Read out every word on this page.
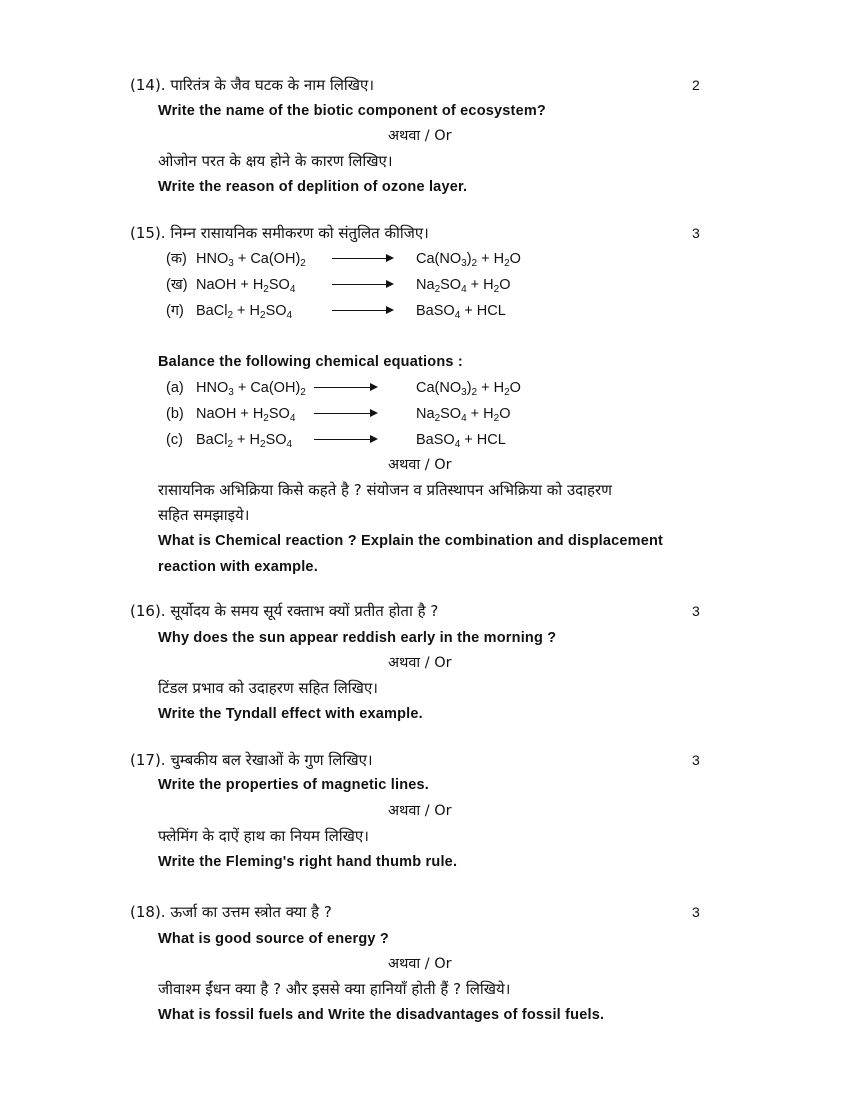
(14). पारितंत्र के जैव घटक के नाम लिखिए।	2
Write the name of the biotic component of ecosystem?
अथवा / Or
ओजोन परत के क्षय होने के कारण लिखिए।
Write the reason of deplition of ozone layer.
(15). निम्न रासायनिक समीकरण को संतुलित कीजिए।	3
(क) $HNO_3 + Ca(OH)_2$	$Ca(NO_3)_2 + H_2O$
(ख) NaOH + $H_2SO_4$	$Na_2SO_4 + H_2O$
(ग) BaCl$_2$ + $H_2SO_4$	BaSO$_4$ + HCL
Balance the following chemical equations :
(a) $HNO_3 + Ca(OH)_2$	$Ca(NO_3)_2 + H_2O$
(b) NaOH + $H_2SO_4$	$Na_2SO_4 + H_2O$
(c) BaCl$_2$ + $H_2SO_4$	BaSO$_4$ + HCL
अथवा / Or
रासायनिक अभिक्रिया किसे कहते है ? संयोजन व प्रतिस्थापन अभिक्रिया को उदाहरण
सहित समझाइये।
What is Chemical reaction ? Explain the combination and displacement
reaction with example.
(16). सूर्योदय के समय सूर्य रक्ताभ क्यों प्रतीत होता है ?	3
Why does the sun appear reddish early in the morning ?
अथवा / Or
टिंडल प्रभाव को उदाहरण सहित लिखिए।
Write the Tyndall effect with example.
(17). चुम्बकीय बल रेखाओं के गुण लिखिए।	3
Write the properties of magnetic lines.
अथवा / Or
फ्लेमिंग के दाऐं हाथ का नियम लिखिए।
Write the Fleming's right hand thumb rule.
(18). ऊर्जा का उत्तम स्त्रोत क्या है ?	3
What is good source of energy ?
अथवा / Or
जीवाश्म ईंधन क्या है ? और इससे क्या हानियाँ होती हैं ? लिखिये।
What is fossil fuels and Write the disadvantages of fossil fuels.
